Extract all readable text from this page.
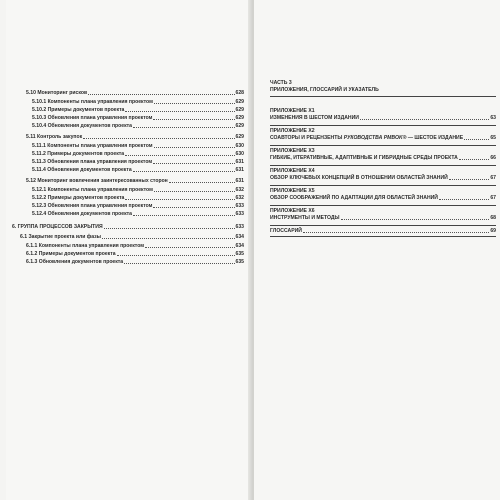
5.10 Мониторинг рисков	628
5.10.1 Компоненты плана управления проектом	629
5.10.2 Примеры документов проекта	629
5.10.3 Обновления плана управления проектом	629
5.10.4 Обновления документов проекта	629
5.11 Контроль закупок	629
5.11.1 Компоненты плана управления проектом	630
5.11.2 Примеры документов проекта	630
5.11.3 Обновления плана управления проектом	631
5.11.4 Обновления документов проекта	631
5.12 Мониторинг вовлечения заинтересованных сторон	631
5.12.1 Компоненты плана управления проектом	632
5.12.2 Примеры документов проекта	632
5.12.3 Обновления плана управления проектом	633
5.12.4 Обновления документов проекта	633
6. ГРУППА ПРОЦЕССОВ ЗАКРЫТИЯ	633
6.1 Закрытие проекта или фазы	634
6.1.1 Компоненты плана управления проектом	634
6.1.2 Примеры документов проекта	635
6.1.3 Обновления документов проекта	635
ЧАСТЬ 3
ПРИЛОЖЕНИЯ, ГЛОССАРИЙ И УКАЗАТЕЛЬ
ПРИЛОЖЕНИЕ Х1
ИЗМЕНЕНИЯ В ШЕСТОМ ИЗДАНИИ	63
ПРИЛОЖЕНИЕ Х2
СОАВТОРЫ И РЕЦЕНЗЕНТЫ РУКОВОДСТВА PMBOK® — ШЕСТОЕ ИЗДАНИЕ	65
ПРИЛОЖЕНИЕ Х3
ГИБКИЕ, ИТЕРАТИВНЫЕ, АДАПТИВНЫЕ И ГИБРИДНЫЕ СРЕДЫ ПРОЕКТА	66
ПРИЛОЖЕНИЕ Х4
ОБЗОР КЛЮЧЕВЫХ КОНЦЕПЦИЙ В ОТНОШЕНИИ ОБЛАСТЕЙ ЗНАНИЙ	67
ПРИЛОЖЕНИЕ Х5
ОБЗОР СООБРАЖЕНИЙ ПО АДАПТАЦИИ ДЛЯ ОБЛАСТЕЙ ЗНАНИЙ	67
ПРИЛОЖЕНИЕ Х6
ИНСТРУМЕНТЫ И МЕТОДЫ	68
ГЛОССАРИЙ	69
